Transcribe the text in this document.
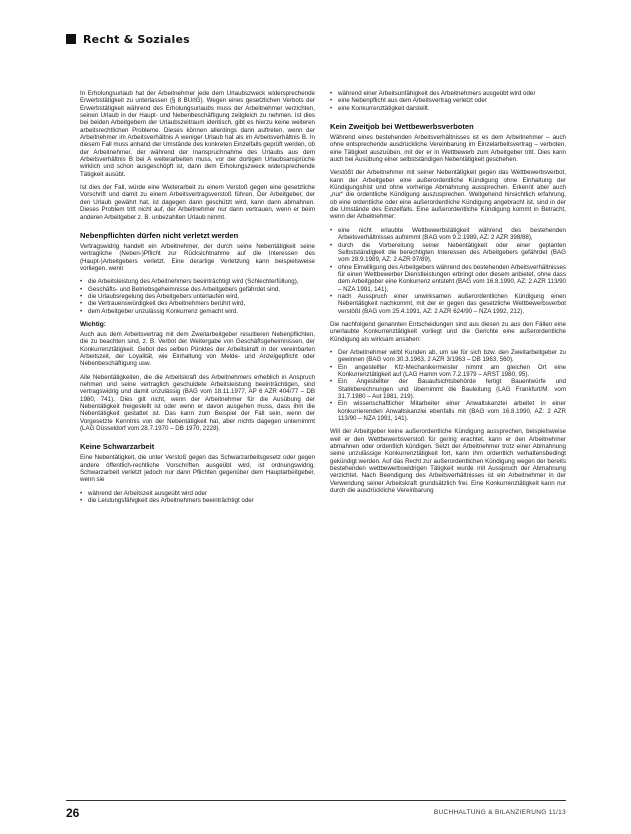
Recht & Soziales

In Erholungsurlaub hat der Arbeitnehmer jede dem Urlaubszweck widersprechende Erwerbstätigkeit zu unterlassen (§ 8 BUrlG). Wegen eines gesetzlichen Verbots der Erwerbstätigkeit während des Erholungsurlaubs muss der Arbeitnehmer verzichten, seinen Urlaub in der Haupt- und Nebenbeschäftigung zeitgleich zu nehmen. Ist dies bei beiden Arbeitgebern der Urlaubszeitraum identisch, gibt es hierzu keine weiteren arbeitsrechtlichen Probleme. Dieses können allerdings dann auftreten, wenn der Arbeitnehmer im Arbeitsverhältnis A weniger Urlaub hat als im Arbeitsverhältnis B. In diesem Fall muss anhand der Umstände des konkreten Einzelfalls geprüft werden, ob der Arbeitnehmer, der während der Inanspruchnahme des Urlaubs aus dem Arbeitsverhältnis B bei A weiterarbeiten muss, vor der dortigen Urlaubsansprüche wirklich und schon ausgeschöpft ist, dann dem Erholungszweck widersprechende Tätigkeit ausübt.

Ist dies der Fall, würde eine Weiterarbeit zu einem Verstoß gegen eine gesetzliche Vorschrift und damit zu einem Arbeitsvertragsverstoß führen. Der Arbeitgeber, der den Urlaub gewährt hat, ist dagegen dann geschützt wird, kann dann abmahnen. Dieses Problem tritt nicht auf, der Arbeitnehmer nur dann vertrauen, wenn er beim anderen Arbeitgeber z. B. unbezahlten Urlaub nimmt.

Nebenpflichten dürfen nicht verletzt werden

Vertragswidrig handelt ein Arbeitnehmer, der durch seine Nebentätigkeit seine vertragliche (Neben-)Pflicht zur Rücksichtnahme auf die Interessen des (Haupt-)Arbeitgebers verletzt. Eine derartige Verletzung kann beispielsweise vorliegen, wenn

• die Arbeitsleistung des Arbeitnehmers beeinträchtigt wird (Schlechterfüllung),
• Geschäfts- und Betriebsgeheimnisse des Arbeitgebers gefährdet sind,
• die Urlaubsregelung des Arbeitgebers unterlaufen wird,
• die Vertrauenswürdigkeit des Arbeitnehmers berührt wird,
• dem Arbeitgeber unzulässig Konkurrenz gemacht wird.
Wichtig:

Auch aus dem Arbeitsvertrag mit dem Zweitarbeitgeber resultieren Nebenpflichten, die zu beachten sind, z. B. Verbot der Weitergabe von Geschäftsgeheimnissen, der Konkurrenztätigkeit. Gebot des selben Pünktes der Arbeitskraft in der vereinbarten Arbeitszeit, der Loyalität, wie Einhaltung von Melde- und Anzeigepflicht oder Nebenbeschäftigung usw.

Alle Nebentätigkeiten, die die Arbeitskraft des Arbeitnehmers erheblich in Anspruch nehmen und seine vertraglich geschuldete Arbeitsleistung beeinträchtigen, sind vertragswidrig und damit unzulässig (BAG vom 18.11.1977, AP 6 AZR 404/77 – DB 1980, 741). Dies gilt nicht, wenn der Arbeitnehmer für die Ausübung der Nebentätigkeit freigestellt ist oder wenn er davon ausgehen muss, dass ihm die Nebentätigkeit gestattet ist. Das kann zum Beispiel der Fall sein, wenn der Vorgesetzte Kenntnis von der Nebentätigkeit hat, aber nichts dagegen unternimmt (LAG Düsseldorf vom 28.7.1970 – DB 1970, 2228).

Keine Schwarzarbeit

Eine Nebentätigkeit, die unter Verstoß gegen das Schwarzarbeitsgesetz oder gegen andere öffentlich-rechtliche Vorschriften ausgeübt wird, ist ordnungswidrig. Schwarzarbeit verletzt jedoch nur dann Pflichten gegenüber dem Hauptarbeitgeber, wenn sie

• während der Arbeitszeit ausgeübt wird oder
• die Leistungsfähigkeit des Arbeitnehmers beeinträchtigt oder
• während einer Arbeitsunfähigkeit des Arbeitnehmers ausgeübt wird oder
• eine Nebenpflicht aus dem Arbeitsvertrag verletzt oder
• eine Konkurrenztätigkeit darstellt.
Kein Zweitjob bei Wettbewerbsverboten

Während eines bestehenden Arbeitsverhältnisses ist es dem Arbeitnehmer – auch ohne entsprechende ausdrückliche Vereinbarung im Einzelarbeitsvertrag – verboten, eine Tätigkeit auszuüben, mit der er in Wettbewerb zum Arbeitgeber tritt. Dies kann auch bei Ausübung einer selbstständigen Nebentätigkeit geschehen.

Verstößt der Arbeitnehmer mit seiner Nebentätigkeit gegen das Wettbewerbsverbot, kann der Arbeitgeber eine außerordentliche Kündigung ohne Einhaltung der Kündigungsfrist und ohne vorherige Abmahnung aussprechen. Erkennt aber auch „nur“ die ordentliche Kündigung auszusprechen. Weitgehend hinsichtlich erfahrung, ob eine ordentliche oder eine außerordentliche Kündigung angebracht ist, sind in der die Umstände des Einzelfalls. Eine außerordentliche Kündigung kommt in Betracht, wenn der Arbeitnehmer:

• eine nicht erlaubte Wettbewerbstätigkeit während des bestehenden Arbeitsverhältnisses aufnimmt (BAG vom 9.2.1989, AZ: 2 AZR 398/88),
• durch die Vorbereitung seiner Nebentätigkeit oder einer geplanten Selbstständigkeit die berechtigten Interessen des Arbeitgebers gefährdet (BAG vom 28.9.1989, AZ: 2 AZR 97/89),
• ohne Einwilligung des Arbeitgebers während des bestehenden Arbeitsverhältnisses für einen Wettbewerber Dienstleistungen erbringt oder diesem anbietet, ohne dass dem Arbeitgeber eine Konkurrenz entsteht (BAG vom 16.8.1990, AZ: 2 AZR 113/90 – NZA 1991, 141),
• nach Ausspruch einer unwirksamen außerordentlichen Kündigung einen Nebentätigkeit nachkommt, mit der er gegen das gesetzliche Wettbewerbsverbot verstößt (BAG vom 25.4.1991, AZ: 2 AZR 624/90 – NZA 1992, 212).

Die nachfolgend genannten Entscheidungen sind aus diesen zu aus den Fällen eine unerlaubte Konkurrenztätigkeit vorliegt und die Gerichte eine außerordentliche Kündigung als wirksam ansahen:

• Der Arbeitnehmer wirbt Kunden ab, um sie für sich bzw. den Zweitarbeitgeber zu gewinnen (BAG vom 30.3.1963, 2 AZR 3/1963 – DB 1963, 560).
• Ein angestellter Kfz-Mechanikermeister nimmt am gleichen Ort eine Konkurrenztätigkeit auf (LAG Hamm vom 7.2.1979 – ARST 1980, 95).
• Ein Angestellter der Bauaufsichtsbehörde fertigt Bauentwürfe und Statikberechnungen und übernimmt die Bauleitung (LAG Frankfurt/M. vom 31.7.1980 – Aut 1981, 219).
• Ein wissenschaftlicher Mitarbeiter einer Anwaltskanzlei arbeitet in einer konkurrierenden Anwaltskanzlei ebenfalls mit (BAG vom 16.8.1990, AZ: 2 AZR 113/90 – NZA 1991, 141).

Will der Arbeitgeber keine außerordentliche Kündigung aussprechen, beispielsweise weil er den Wettbewerbsverstoß für gering erachtet, kann er den Arbeitnehmer abmahnen oder ordentlich kündigen. Setzt der Arbeitnehmer trotz einer Abmahnung seine unzulässige Konkurrenztätigkeit fort, kann ihm ordentlich verhaltensbedingt gekündigt werden. Auf das Recht zur außerordentlichen Kündigung wegen der bereits bestehenden wettbewerbswidrigen Tätigkeit wurde mit Ausspruch der Abmahnung verzichtet. Nach Beendigung des Arbeitsverhältnisses ist ein Arbeitnehmer in der Verwendung seiner Arbeitskraft grundsätzlich frei. Eine Konkurrenztätigkeit kann nur durch die ausdrückliche Vereinbarung

26	BUCHHALTUNG & BILANZIERUNG 11/13
